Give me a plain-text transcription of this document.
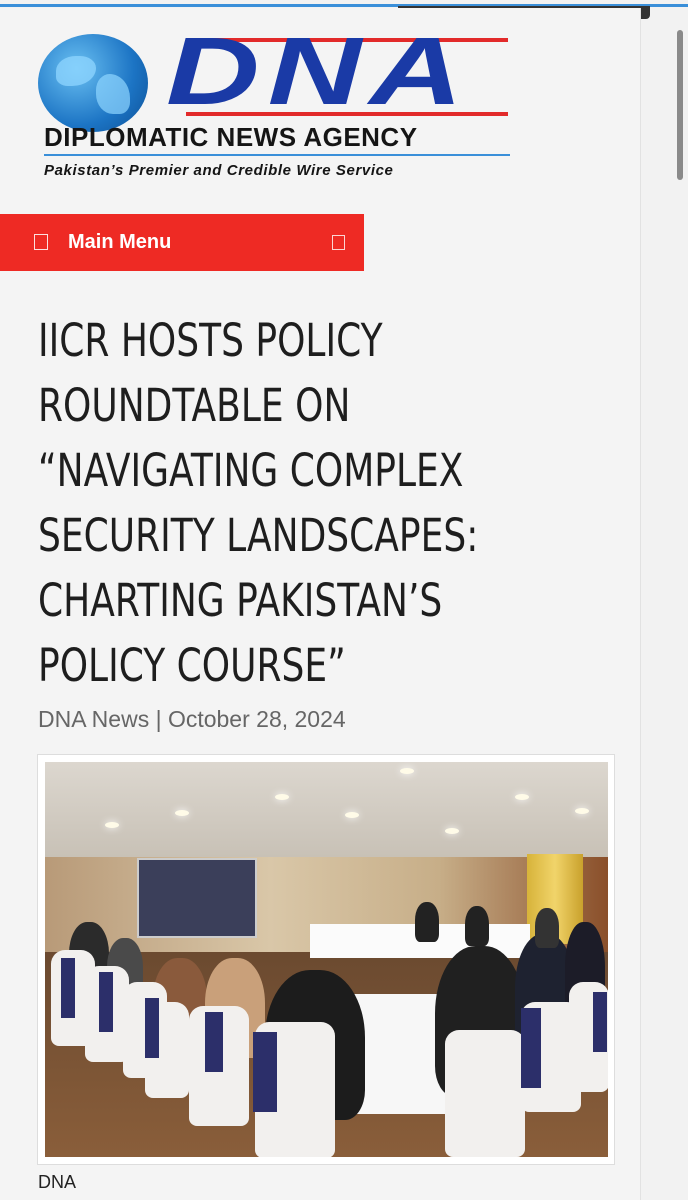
DNA
DIPLOMATIC NEWS AGENCY
Pakistan’s Premier and Credible Wire Service
Main Menu
IICR HOSTS POLICY
ROUNDTABLE ON
“NAVIGATING COMPLEX
SECURITY LANDSCAPES:
CHARTING PAKISTAN’S
POLICY COURSE”
DNA News | October 28, 2024
DNA
